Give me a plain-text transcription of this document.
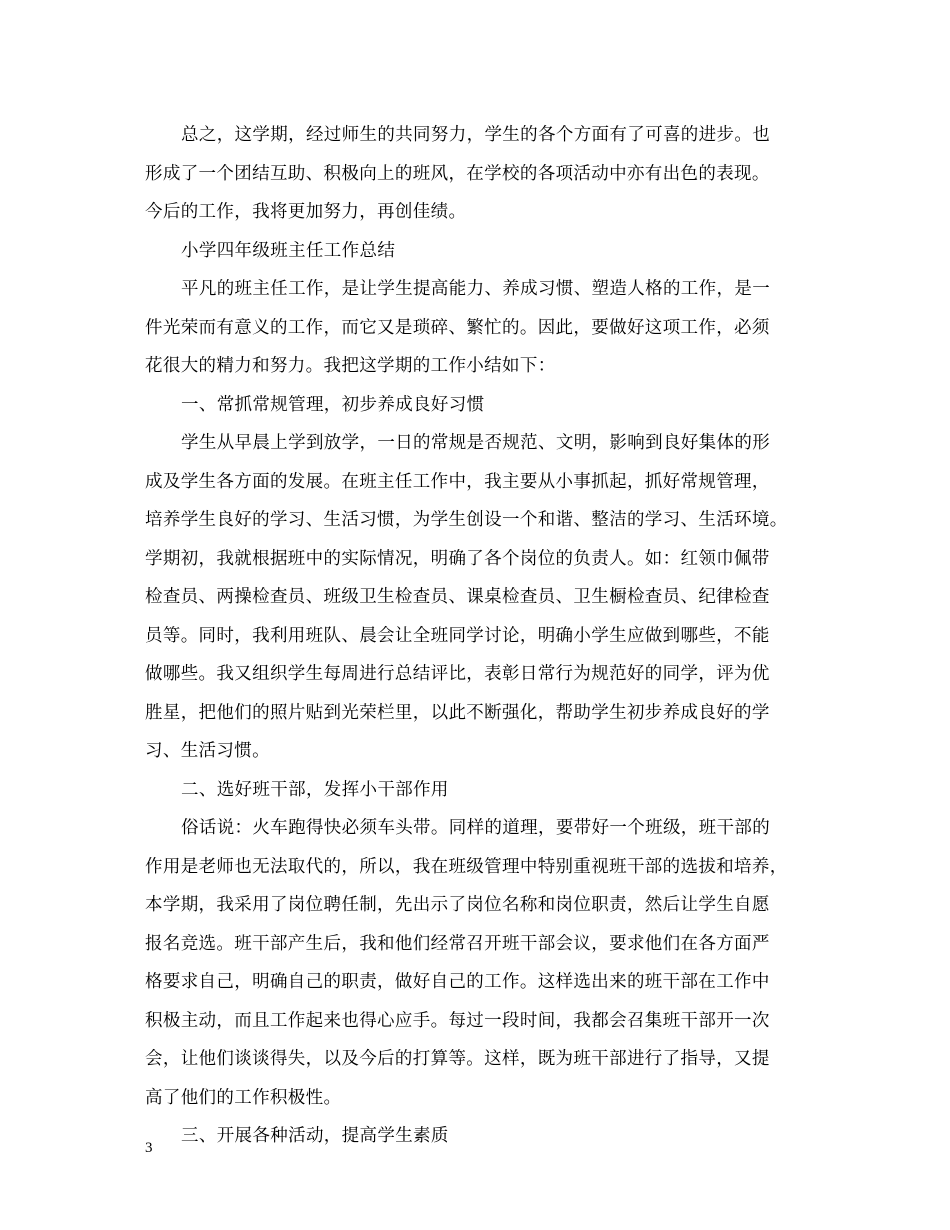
总之，这学期，经过师生的共同努力，学生的各个方面有了可喜的进步。也
形成了一个团结互助、积极向上的班风，在学校的各项活动中亦有出色的表现。
今后的工作，我将更加努力，再创佳绩。
小学四年级班主任工作总结
平凡的班主任工作，是让学生提高能力、养成习惯、塑造人格的工作，是一
件光荣而有意义的工作，而它又是琐碎、繁忙的。因此，要做好这项工作，必须
花很大的精力和努力。我把这学期的工作小结如下：
一、常抓常规管理，初步养成良好习惯
学生从早晨上学到放学，一日的常规是否规范、文明，影响到良好集体的形
成及学生各方面的发展。在班主任工作中，我主要从小事抓起，抓好常规管理，
培养学生良好的学习、生活习惯，为学生创设一个和谐、整洁的学习、生活环境。
学期初，我就根据班中的实际情况，明确了各个岗位的负责人。如：红领巾佩带
检查员、两操检查员、班级卫生检查员、课桌检查员、卫生橱检查员、纪律检查
员等。同时，我利用班队、晨会让全班同学讨论，明确小学生应做到哪些，不能
做哪些。我又组织学生每周进行总结评比，表彰日常行为规范好的同学，评为优
胜星，把他们的照片贴到光荣栏里，以此不断强化，帮助学生初步养成良好的学
习、生活习惯。
二、选好班干部，发挥小干部作用
俗话说：火车跑得快必须车头带。同样的道理，要带好一个班级，班干部的
作用是老师也无法取代的，所以，我在班级管理中特别重视班干部的选拔和培养，
本学期，我采用了岗位聘任制，先出示了岗位名称和岗位职责，然后让学生自愿
报名竞选。班干部产生后，我和他们经常召开班干部会议，要求他们在各方面严
格要求自己，明确自己的职责，做好自己的工作。这样选出来的班干部在工作中
积极主动，而且工作起来也得心应手。每过一段时间，我都会召集班干部开一次
会，让他们谈谈得失，以及今后的打算等。这样，既为班干部进行了指导，又提
高了他们的工作积极性。
三、开展各种活动，提高学生素质
3
